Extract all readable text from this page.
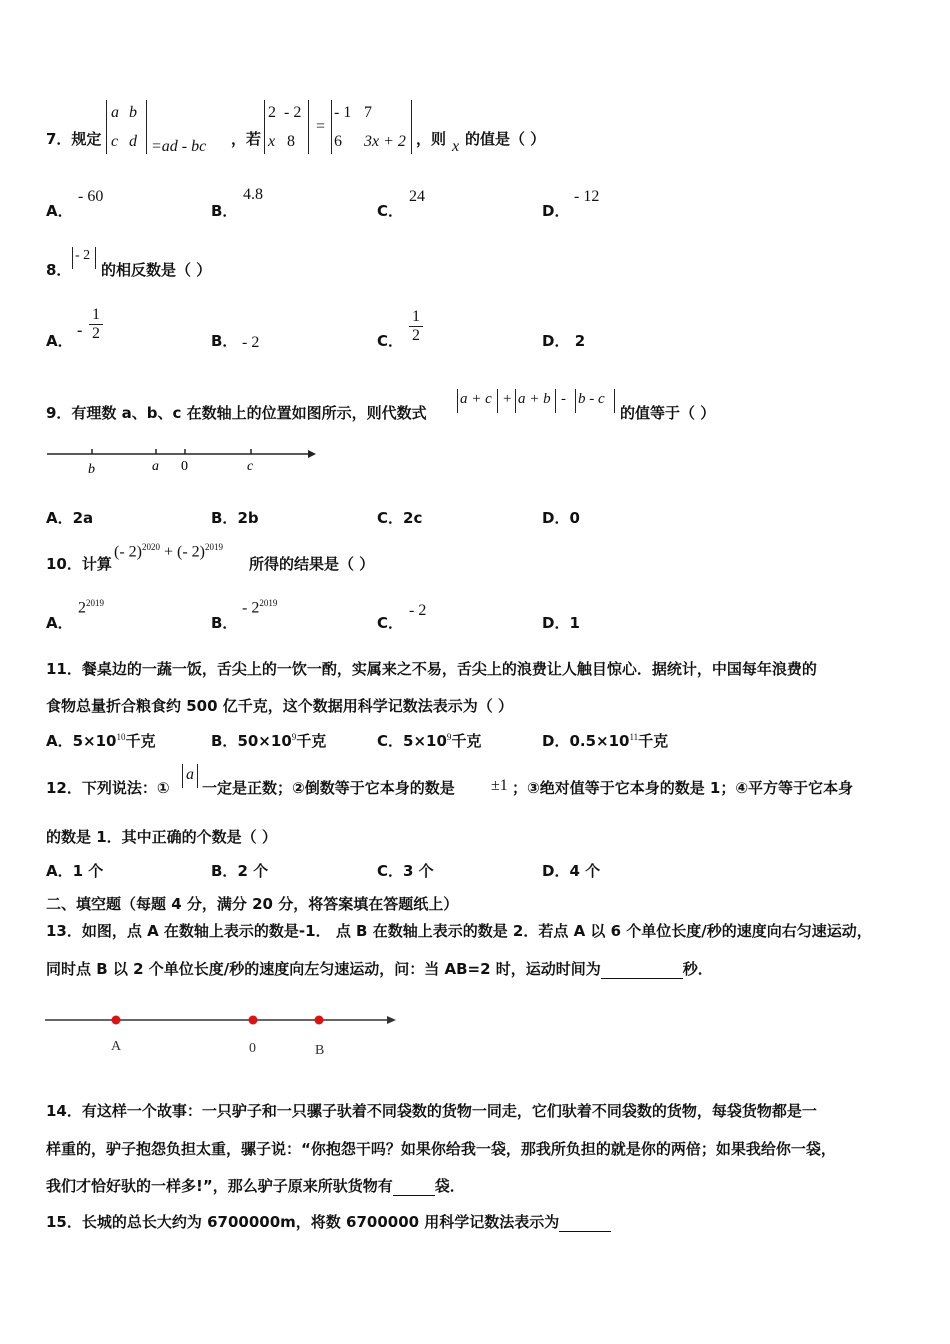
7．规定
a b
c d =ad - bc ，若
2 - 2
x 8
=
- 1 7
6 3x + 2 ，则 x 的值是（ ）
A．
- 60
B．
4.8
C．
24
D．
- 12
8．
- 2
的相反数是（ ）
A．
- $\frac{1}{2}$	B． - 2	C． $\frac{1}{2}$	D． 2
9．有理数 a、b、c 在数轴上的位置如图所示，则代数式
a + c + a + b - b - c
的值等于（ ）
b	a 0	c
A．2a	B．2b	C．2c	D．0
10．计算
(- 2)$^{2020}$ + (- 2)$^{2019}$
所得的结果是（ ）
A．
$2^{2019}$
B．
- $2^{2019}$
C．
- 2
D．1
11．餐桌边的一蔬一饭，舌尖上的一饮一酌，实属来之不易，舌尖上的浪费让人触目惊心．据统计，中国每年浪费的
食物总量折合粮食约 500 亿千克，这个数据用科学记数法表示为（ ）
A．$5\times 10^{10}$千克	B．$50\times 10^9$千克	C．$5\times 10^9$千克	D．$0.5\times 10^{11}$千克
12．下列说法：①
a
一定是正数；②倒数等于它本身的数是 ±1 ；③绝对值等于它本身的数是 1；④平方等于它本身
的数是 1．其中正确的个数是（ ）
A．1 个	B．2 个	C．3 个	D．4 个
二、填空题（每题 4 分，满分 20 分，将答案填在答题纸上）
13．如图，点 A 在数轴上表示的数是-1． 点 B 在数轴上表示的数是 2．若点 A 以 6 个单位长度/秒的速度向右匀速运动，
同时点 B 以 2 个单位长度/秒的速度向左匀速运动，问：当 AB=2 时，运动时间为	秒．
A	0	B
14．有这样一个故事：一只驴子和一只骡子驮着不同袋数的货物一同走，它们驮着不同袋数的货物，每袋货物都是一
样重的，驴子抱怨负担太重，骡子说：“你抱怨干吗？如果你给我一袋，那我所负担的就是你的两倍；如果我给你一袋，
我们才恰好驮的一样多!”，那么驴子原来所驮货物有	袋．
15．长城的总长大约为 6700000m，将数 6700000 用科学记数法表示为
